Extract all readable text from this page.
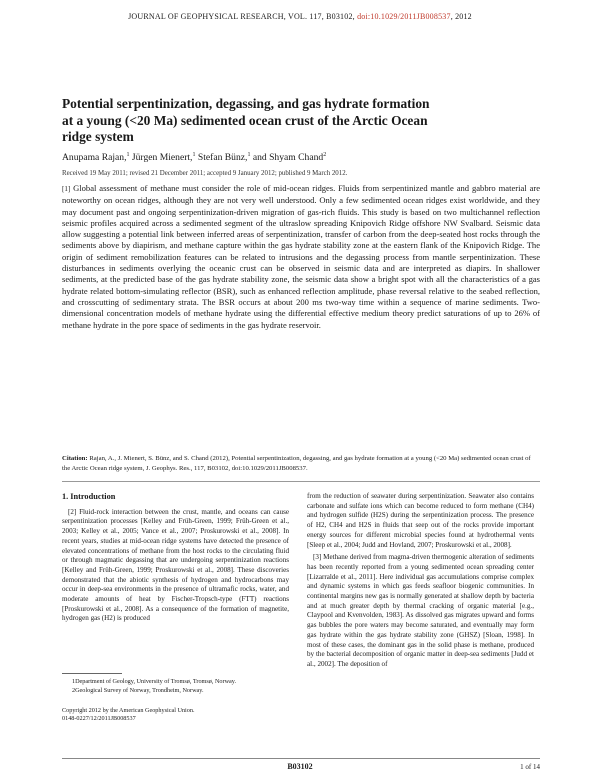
JOURNAL OF GEOPHYSICAL RESEARCH, VOL. 117, B03102, doi:10.1029/2011JB008537, 2012
Potential serpentinization, degassing, and gas hydrate formation at a young (<20 Ma) sedimented ocean crust of the Arctic Ocean ridge system
Anupama Rajan,$^1$ Jürgen Mienert,$^1$ Stefan Bünz,$^1$ and Shyam Chand$^2$
Received 19 May 2011; revised 21 December 2011; accepted 9 January 2012; published 9 March 2012.
[1] Global assessment of methane must consider the role of mid-ocean ridges. Fluids from serpentinized mantle and gabbro material are noteworthy on ocean ridges, although they are not very well understood. Only a few sedimented ocean ridges exist worldwide, and they may document past and ongoing serpentinization-driven migration of gas-rich fluids. This study is based on two multichannel reflection seismic profiles acquired across a sedimented segment of the ultraslow spreading Knipovich Ridge offshore NW Svalbard. Seismic data allow suggesting a potential link between inferred areas of serpentinization, transfer of carbon from the deep-seated host rocks through the sediments above by diapirism, and methane capture within the gas hydrate stability zone at the eastern flank of the Knipovich Ridge. The origin of sediment remobilization features can be related to intrusions and the degassing process from mantle serpentinization. These disturbances in sediments overlying the oceanic crust can be observed in seismic data and are interpreted as diapirs. In shallower sediments, at the predicted base of the gas hydrate stability zone, the seismic data show a bright spot with all the characteristics of a gas hydrate related bottom-simulating reflector (BSR), such as enhanced reflection amplitude, phase reversal relative to the seabed reflection, and crosscutting of sedimentary strata. The BSR occurs at about 200 ms two-way time within a sequence of marine sediments. Two-dimensional concentration models of methane hydrate using the differential effective medium theory predict saturations of up to 26% of methane hydrate in the pore space of sediments in the gas hydrate reservoir.
Citation: Rajan, A., J. Mienert, S. Bünz, and S. Chand (2012), Potential serpentinization, degassing, and gas hydrate formation at a young (<20 Ma) sedimented ocean crust of the Arctic Ocean ridge system, J. Geophys. Res., 117, B03102, doi:10.1029/2011JB008537.
1. Introduction

[2] Fluid-rock interaction between the crust, mantle, and oceans can cause serpentinization processes [Kelley and Früh-Green, 1999; Früh-Green et al., 2003; Kelley et al., 2005; Vance et al., 2007; Proskurowski et al., 2008]. In recent years, studies at mid-ocean ridge systems have detected the presence of elevated concentrations of methane from the host rocks to the circulating fluid or through magmatic degassing that are undergoing serpentinization reactions [Kelley and Früh-Green, 1999; Proskurowski et al., 2008]. These discoveries demonstrated that the abiotic synthesis of hydrogen and hydrocarbons may occur in deep-sea environments in the presence of ultramafic rocks, water, and moderate amounts of heat by Fischer-Tropsch-type (FTT) reactions [Proskurowski et al., 2008]. As a consequence of the formation of magnetite, hydrogen gas (H2) is produced

from the reduction of seawater during serpentinization. Seawater also contains carbonate and sulfate ions which can become reduced to form methane (CH4) and hydrogen sulfide (H2S) during the serpentinization process. The presence of H2, CH4 and H2S in fluids that seep out of the rocks provide important energy sources for different microbial species found at hydrothermal vents [Sleep et al., 2004; Judd and Hovland, 2007; Proskurowski et al., 2008].

[3] Methane derived from magma-driven thermogenic alteration of sediments has been recently reported from a young sedimented ocean spreading center [Lizarralde et al., 2011]. Here individual gas accumulations comprise complex and dynamic systems in which gas feeds seafloor biogenic communities. In continental margins new gas is normally generated at shallow depth by bacteria and at much greater depth by thermal cracking of organic material [e.g., Claypool and Kvenvolden, 1983]. As dissolved gas migrates upward and forms gas bubbles the pore waters may become saturated, and eventually may form gas hydrate within the gas hydrate stability zone (GHSZ) [Sloan, 1998]. In most of these cases, the dominant gas in the solid phase is methane, produced by the bacterial decomposition of organic matter in deep-sea sediments [Judd et al., 2002]. The deposition of

1Department of Geology, University of Tromsø, Tromsø, Norway.
2Geological Survey of Norway, Trondheim, Norway.
Copyright 2012 by the American Geophysical Union.
0148-0227/12/2011JB008537
B03102	1 of 14
